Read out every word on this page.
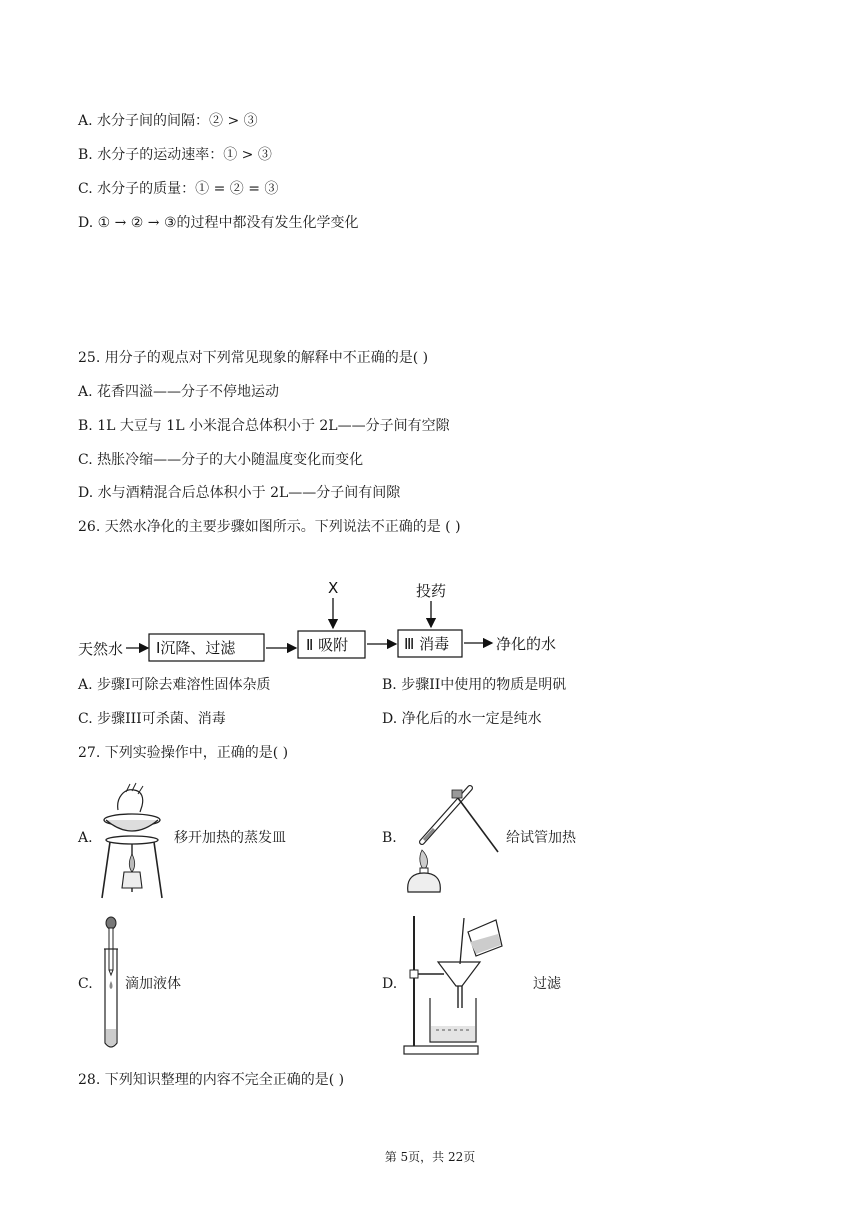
A. 水分子间的间隔：② > ③
B. 水分子的运动速率：① > ③
C. 水分子的质量：① = ② = ③
D. ① → ② → ③的过程中都没有发生化学变化
25. 用分子的观点对下列常见现象的解释中不正确的是( )
A. 花香四溢——分子不停地运动
B. 1L 大豆与 1L 小米混合总体积小于 2L——分子间有空隙
C. 热胀冷缩——分子的大小随温度变化而变化
D. 水与酒精混合后总体积小于 2L——分子间有间隙
26. 天然水净化的主要步骤如图所示。下列说法不正确的是 ( )
天然水 Ⅰ沉降、过滤	Ⅱ 吸附
X
Ⅲ 消毒
投药
净化的水
A. 步骤I可除去难溶性固体杂质	B. 步骤II中使用的物质是明矾
C. 步骤III可杀菌、消毒	D. 净化后的水一定是纯水
27. 下列实验操作中，正确的是( )
A.	移开加热的蒸发皿	B.	给试管加热
C. 滴加液体	D.	过滤
28. 下列知识整理的内容不完全正确的是( )
第 5页，共 22页
